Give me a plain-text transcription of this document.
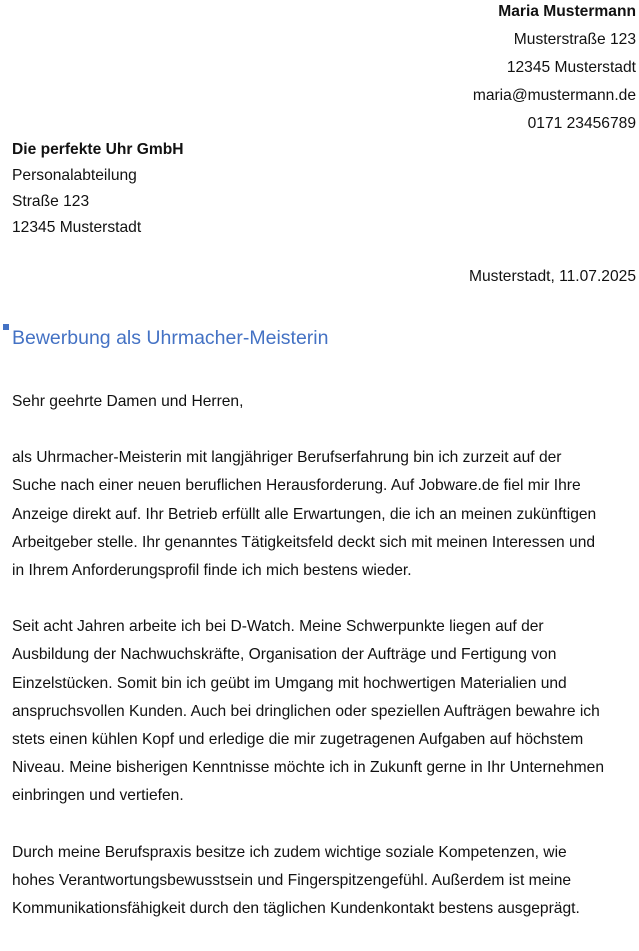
Maria Mustermann
Musterstraße 123
12345 Musterstadt
maria@mustermann.de
0171 23456789
Die perfekte Uhr GmbH
Personalabteilung
Straße 123
12345 Musterstadt
Musterstadt, 11.07.2025
Bewerbung als Uhrmacher-Meisterin

Sehr geehrte Damen und Herren,

als Uhrmacher-Meisterin mit langjähriger Berufserfahrung bin ich zurzeit auf der
Suche nach einer neuen beruflichen Herausforderung. Auf Jobware.de fiel mir Ihre
Anzeige direkt auf. Ihr Betrieb erfüllt alle Erwartungen, die ich an meinen zukünftigen
Arbeitgeber stelle. Ihr genanntes Tätigkeitsfeld deckt sich mit meinen Interessen und
in Ihrem Anforderungsprofil finde ich mich bestens wieder.

Seit acht Jahren arbeite ich bei D-Watch. Meine Schwerpunkte liegen auf der
Ausbildung der Nachwuchskräfte, Organisation der Aufträge und Fertigung von
Einzelstücken. Somit bin ich geübt im Umgang mit hochwertigen Materialien und
anspruchsvollen Kunden. Auch bei dringlichen oder speziellen Aufträgen bewahre ich
stets einen kühlen Kopf und erledige die mir zugetragenen Aufgaben auf höchstem
Niveau. Meine bisherigen Kenntnisse möchte ich in Zukunft gerne in Ihr Unternehmen
einbringen und vertiefen.

Durch meine Berufspraxis besitze ich zudem wichtige soziale Kompetenzen, wie
hohes Verantwortungsbewusstsein und Fingerspitzengefühl. Außerdem ist meine
Kommunikationsfähigkeit durch den täglichen Kundenkontakt bestens ausgeprägt.
